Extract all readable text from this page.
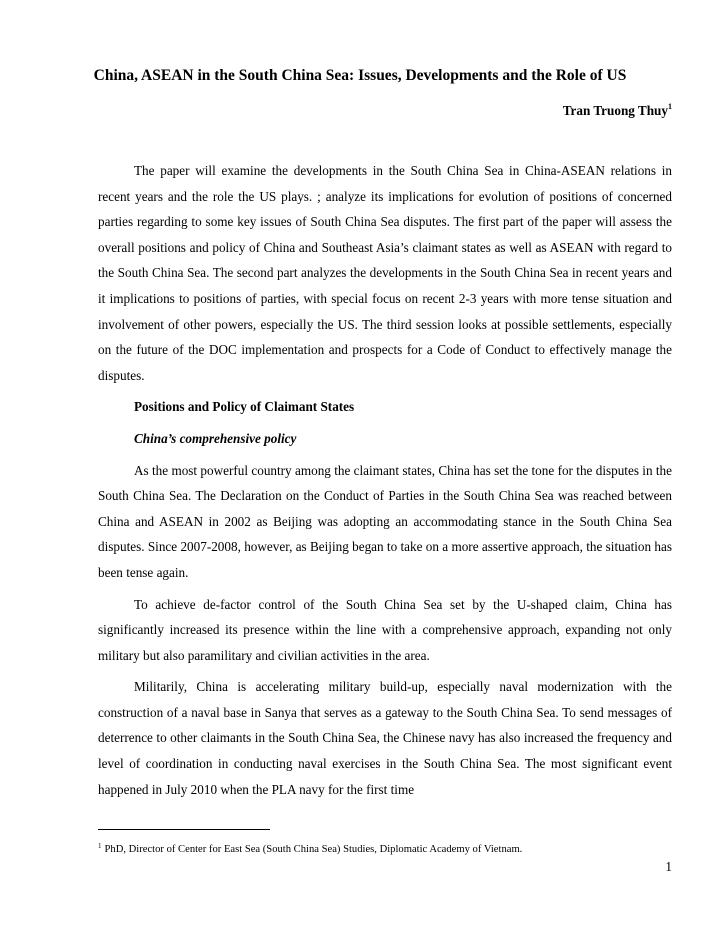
China, ASEAN in the South China Sea: Issues, Developments and the Role of US
Tran Truong Thuy$^1$

The paper will examine the developments in the South China Sea in China-ASEAN relations in recent years and the role the US plays. ; analyze its implications for evolution of positions of concerned parties regarding to some key issues of South China Sea disputes. The first part of the paper will assess the overall positions and policy of China and Southeast Asia’s claimant states as well as ASEAN with regard to the South China Sea. The second part analyzes the developments in the South China Sea in recent years and it implications to positions of parties, with special focus on recent 2-3 years with more tense situation and involvement of other powers, especially the US. The third session looks at possible settlements, especially on the future of the DOC implementation and prospects for a Code of Conduct to effectively manage the disputes.

Positions and Policy of Claimant States

China’s comprehensive policy

As the most powerful country among the claimant states, China has set the tone for the disputes in the South China Sea. The Declaration on the Conduct of Parties in the South China Sea was reached between China and ASEAN in 2002 as Beijing was adopting an accommodating stance in the South China Sea disputes. Since 2007-2008, however, as Beijing began to take on a more assertive approach, the situation has been tense again.

To achieve de-factor control of the South China Sea set by the U-shaped claim, China has significantly increased its presence within the line with a comprehensive approach, expanding not only military but also paramilitary and civilian activities in the area.

Militarily, China is accelerating military build-up, especially naval modernization with the construction of a naval base in Sanya that serves as a gateway to the South China Sea. To send messages of deterrence to other claimants in the South China Sea, the Chinese navy has also increased the frequency and level of coordination in conducting naval exercises in the South China Sea. The most significant event happened in July 2010 when the PLA navy for the first time

$^1$ PhD, Director of Center for East Sea (South China Sea) Studies, Diplomatic Academy of Vietnam.
1
